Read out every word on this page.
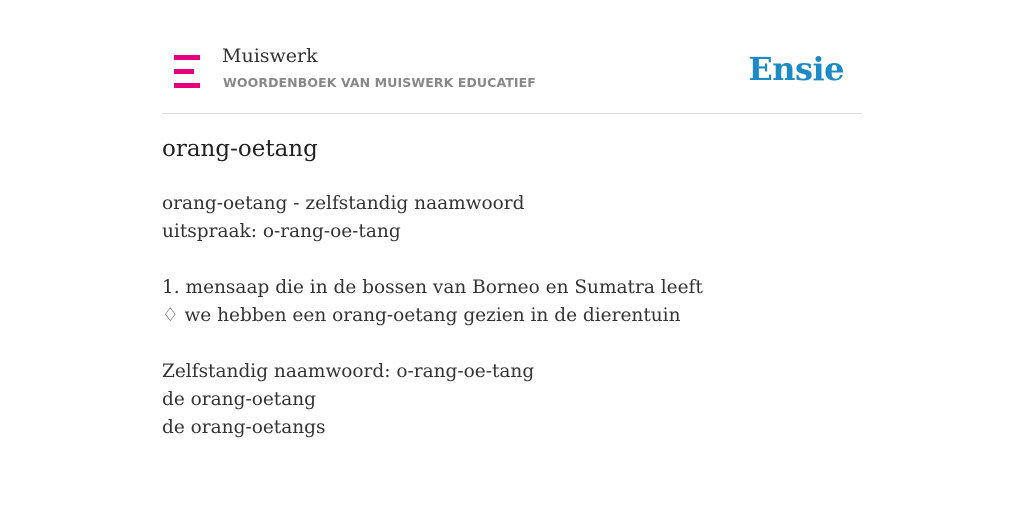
Muiswerk
WOORDENBOEK VAN MUISWERK EDUCATIEF	Ensie
orang-oetang
orang-oetang - zelfstandig naamwoord
uitspraak: o-rang-oe-tang
1. mensaap die in de bossen van Borneo en Sumatra leeft
♢ we hebben een orang-oetang gezien in de dierentuin
Zelfstandig naamwoord: o-rang-oe-tang
de orang-oetang
de orang-oetangs
